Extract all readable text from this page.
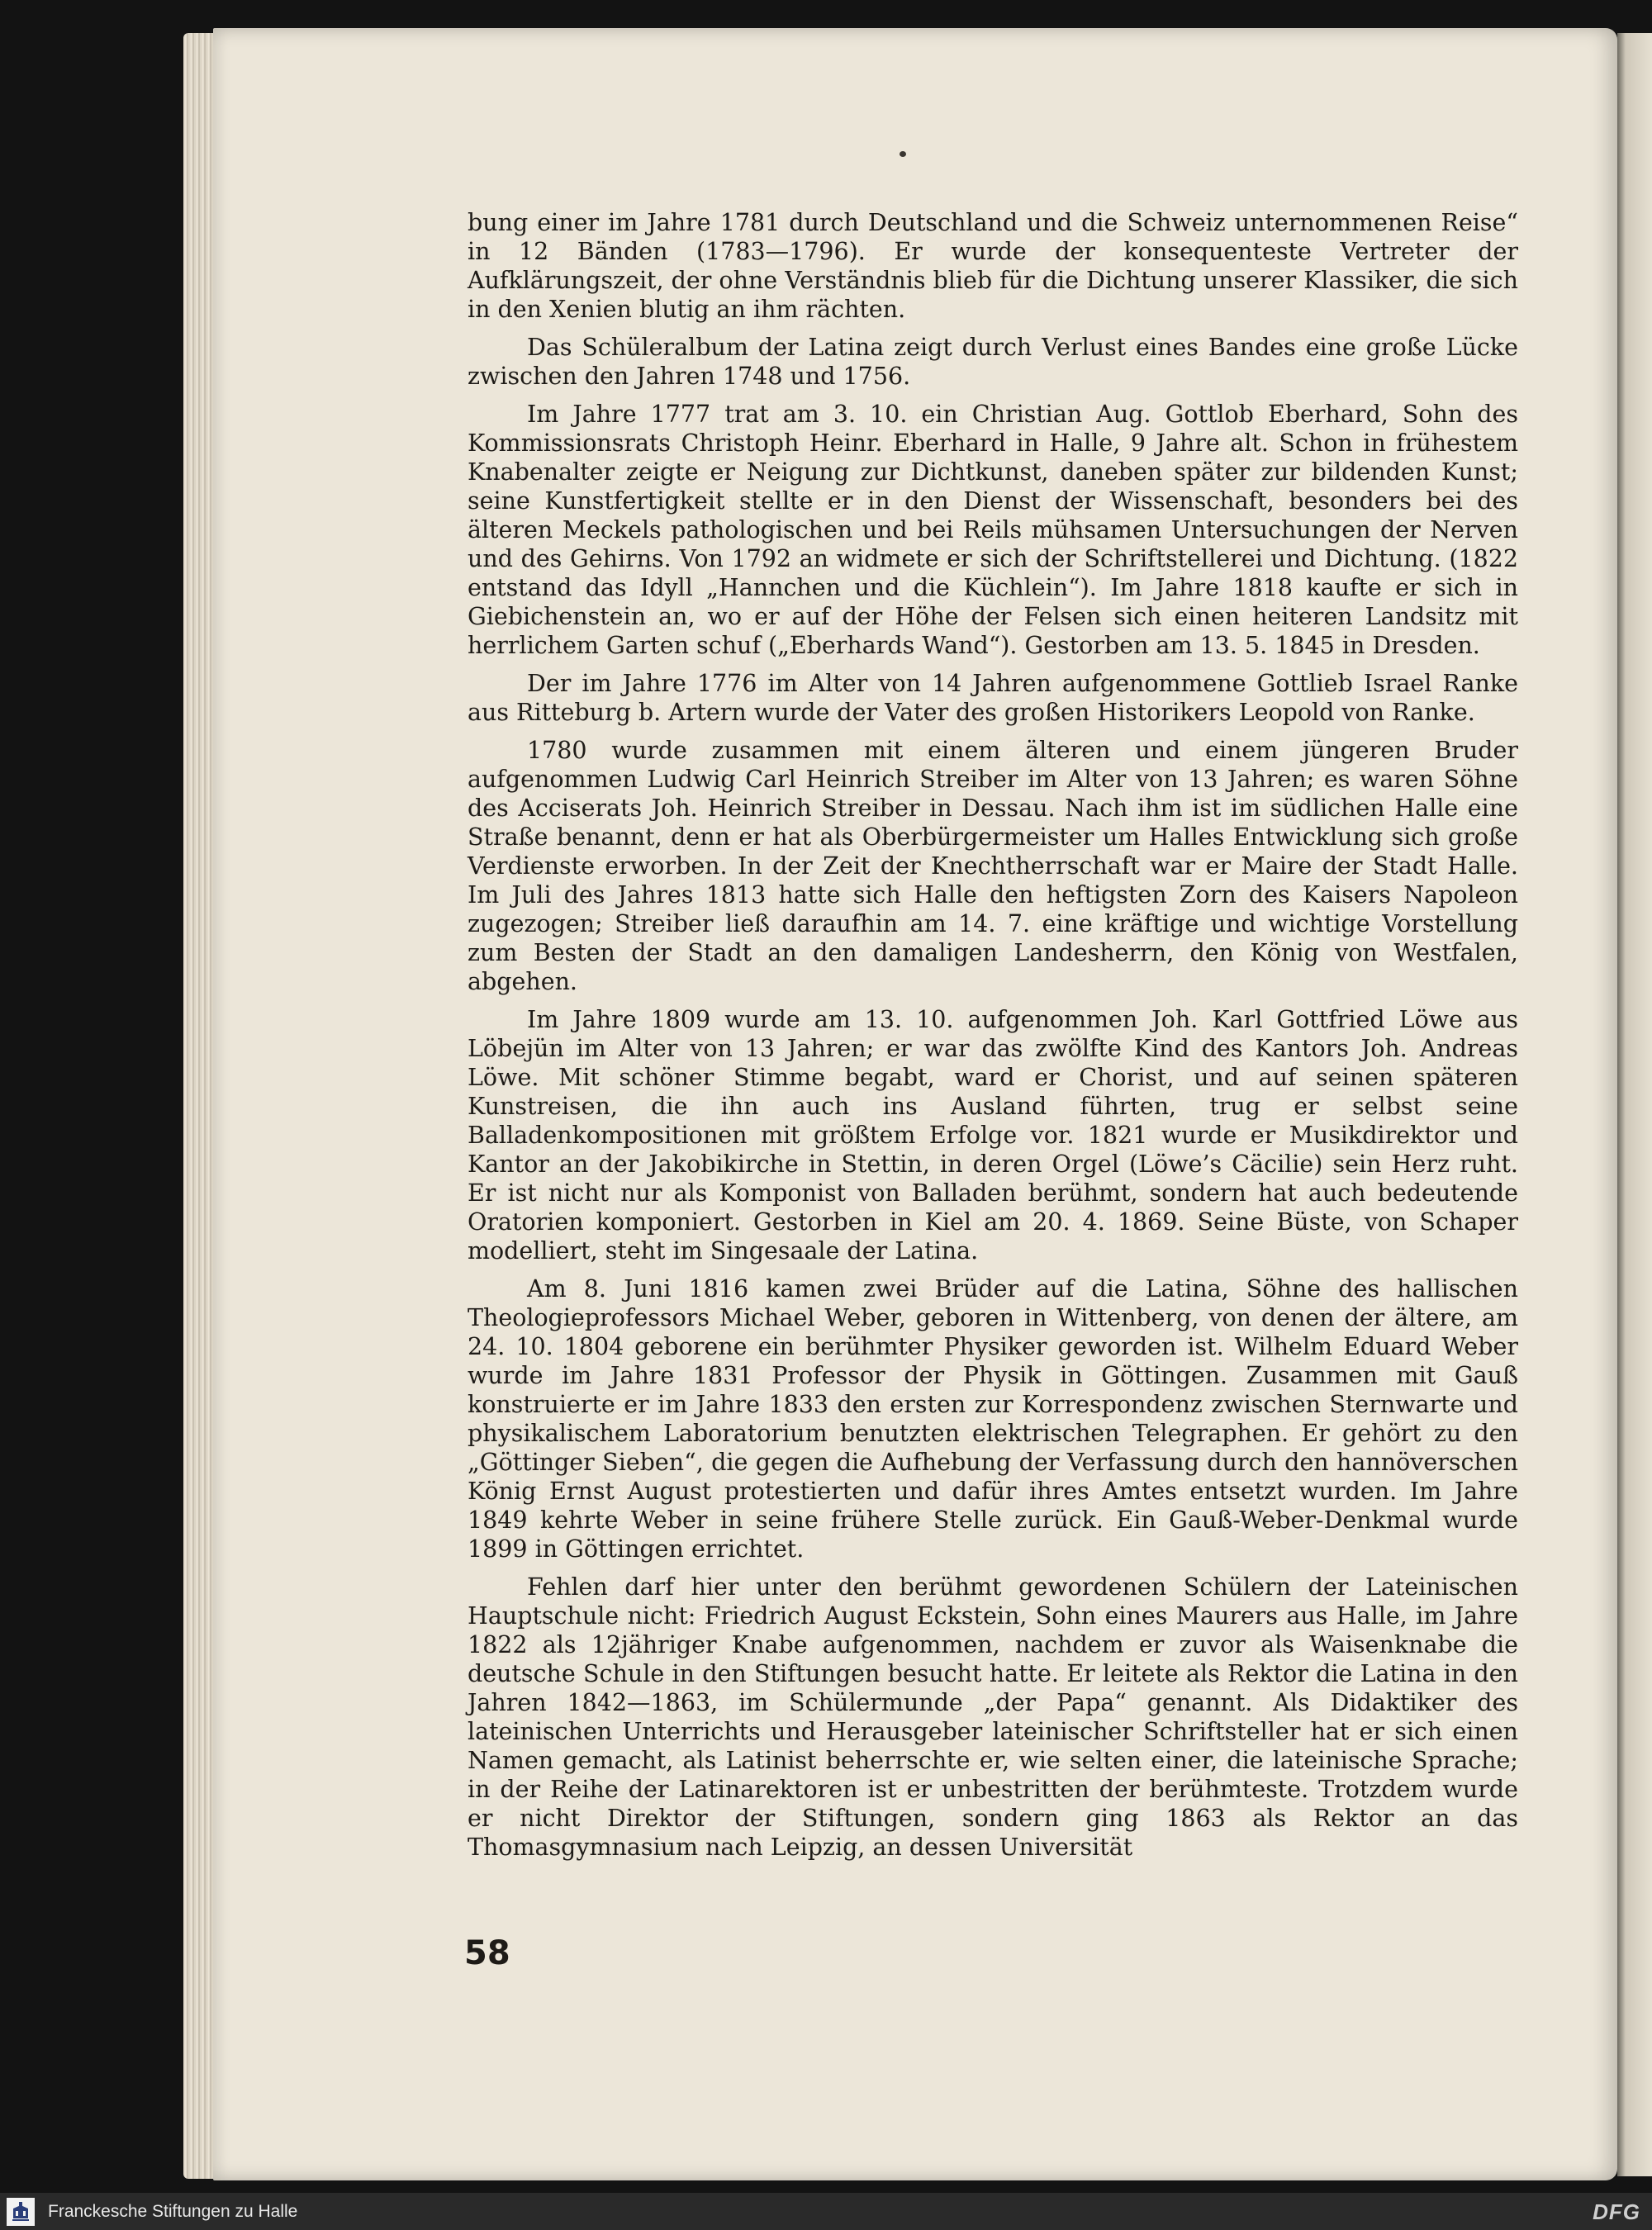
bung einer im Jahre 1781 durch Deutschland und die Schweiz unternommenen Reise“ in 12 Bänden (1783—1796). Er wurde der konsequenteste Vertreter der Aufklärungszeit, der ohne Verständnis blieb für die Dichtung unserer Klassiker, die sich in den Xenien blutig an ihm rächten.

Das Schüleralbum der Latina zeigt durch Verlust eines Bandes eine große Lücke zwischen den Jahren 1748 und 1756.

Im Jahre 1777 trat am 3. 10. ein Christian Aug. Gottlob Eberhard, Sohn des Kommissionsrats Christoph Heinr. Eberhard in Halle, 9 Jahre alt. Schon in frühestem Knabenalter zeigte er Neigung zur Dichtkunst, daneben später zur bildenden Kunst; seine Kunstfertigkeit stellte er in den Dienst der Wissenschaft, besonders bei des älteren Meckels pathologischen und bei Reils mühsamen Untersuchungen der Nerven und des Gehirns. Von 1792 an widmete er sich der Schriftstellerei und Dichtung. (1822 entstand das Idyll „Hannchen und die Küchlein“). Im Jahre 1818 kaufte er sich in Giebichenstein an, wo er auf der Höhe der Felsen sich einen heiteren Landsitz mit herrlichem Garten schuf („Eberhards Wand“). Gestorben am 13. 5. 1845 in Dresden.

Der im Jahre 1776 im Alter von 14 Jahren aufgenommene Gottlieb Israel Ranke aus Ritteburg b. Artern wurde der Vater des großen Historikers Leopold von Ranke.

1780 wurde zusammen mit einem älteren und einem jüngeren Bruder aufgenommen Ludwig Carl Heinrich Streiber im Alter von 13 Jahren; es waren Söhne des Acciserats Joh. Heinrich Streiber in Dessau. Nach ihm ist im südlichen Halle eine Straße benannt, denn er hat als Oberbürgermeister um Halles Entwicklung sich große Verdienste erworben. In der Zeit der Knechtherrschaft war er Maire der Stadt Halle. Im Juli des Jahres 1813 hatte sich Halle den heftigsten Zorn des Kaisers Napoleon zugezogen; Streiber ließ daraufhin am 14. 7. eine kräftige und wichtige Vorstellung zum Besten der Stadt an den damaligen Landesherrn, den König von Westfalen, abgehen.

Im Jahre 1809 wurde am 13. 10. aufgenommen Joh. Karl Gottfried Löwe aus Löbejün im Alter von 13 Jahren; er war das zwölfte Kind des Kantors Joh. Andreas Löwe. Mit schöner Stimme begabt, ward er Chorist, und auf seinen späteren Kunstreisen, die ihn auch ins Ausland führten, trug er selbst seine Balladenkompositionen mit größtem Erfolge vor. 1821 wurde er Musikdirektor und Kantor an der Jakobikirche in Stettin, in deren Orgel (Löwe’s Cäcilie) sein Herz ruht. Er ist nicht nur als Komponist von Balladen berühmt, sondern hat auch bedeutende Oratorien komponiert. Gestorben in Kiel am 20. 4. 1869. Seine Büste, von Schaper modelliert, steht im Singesaale der Latina.

Am 8. Juni 1816 kamen zwei Brüder auf die Latina, Söhne des hallischen Theologieprofessors Michael Weber, geboren in Wittenberg, von denen der ältere, am 24. 10. 1804 geborene ein berühmter Physiker geworden ist. Wilhelm Eduard Weber wurde im Jahre 1831 Professor der Physik in Göttingen. Zusammen mit Gauß konstruierte er im Jahre 1833 den ersten zur Korrespondenz zwischen Sternwarte und physikalischem Laboratorium benutzten elektrischen Telegraphen. Er gehört zu den „Göttinger Sieben“, die gegen die Aufhebung der Verfassung durch den hannöverschen König Ernst August protestierten und dafür ihres Amtes entsetzt wurden. Im Jahre 1849 kehrte Weber in seine frühere Stelle zurück. Ein Gauß-Weber-Denkmal wurde 1899 in Göttingen errichtet.

Fehlen darf hier unter den berühmt gewordenen Schülern der Lateinischen Hauptschule nicht: Friedrich August Eckstein, Sohn eines Maurers aus Halle, im Jahre 1822 als 12jähriger Knabe aufgenommen, nachdem er zuvor als Waisenknabe die deutsche Schule in den Stiftungen besucht hatte. Er leitete als Rektor die Latina in den Jahren 1842—1863, im Schülermunde „der Papa“ genannt. Als Didaktiker des lateinischen Unterrichts und Herausgeber lateinischer Schriftsteller hat er sich einen Namen gemacht, als Latinist beherrschte er, wie selten einer, die lateinische Sprache; in der Reihe der Latinarektoren ist er unbestritten der berühmteste. Trotzdem wurde er nicht Direktor der Stiftungen, sondern ging 1863 als Rektor an das Thomasgymnasium nach Leipzig, an dessen Universität

58
Franckesche Stiftungen zu Halle	DFG
